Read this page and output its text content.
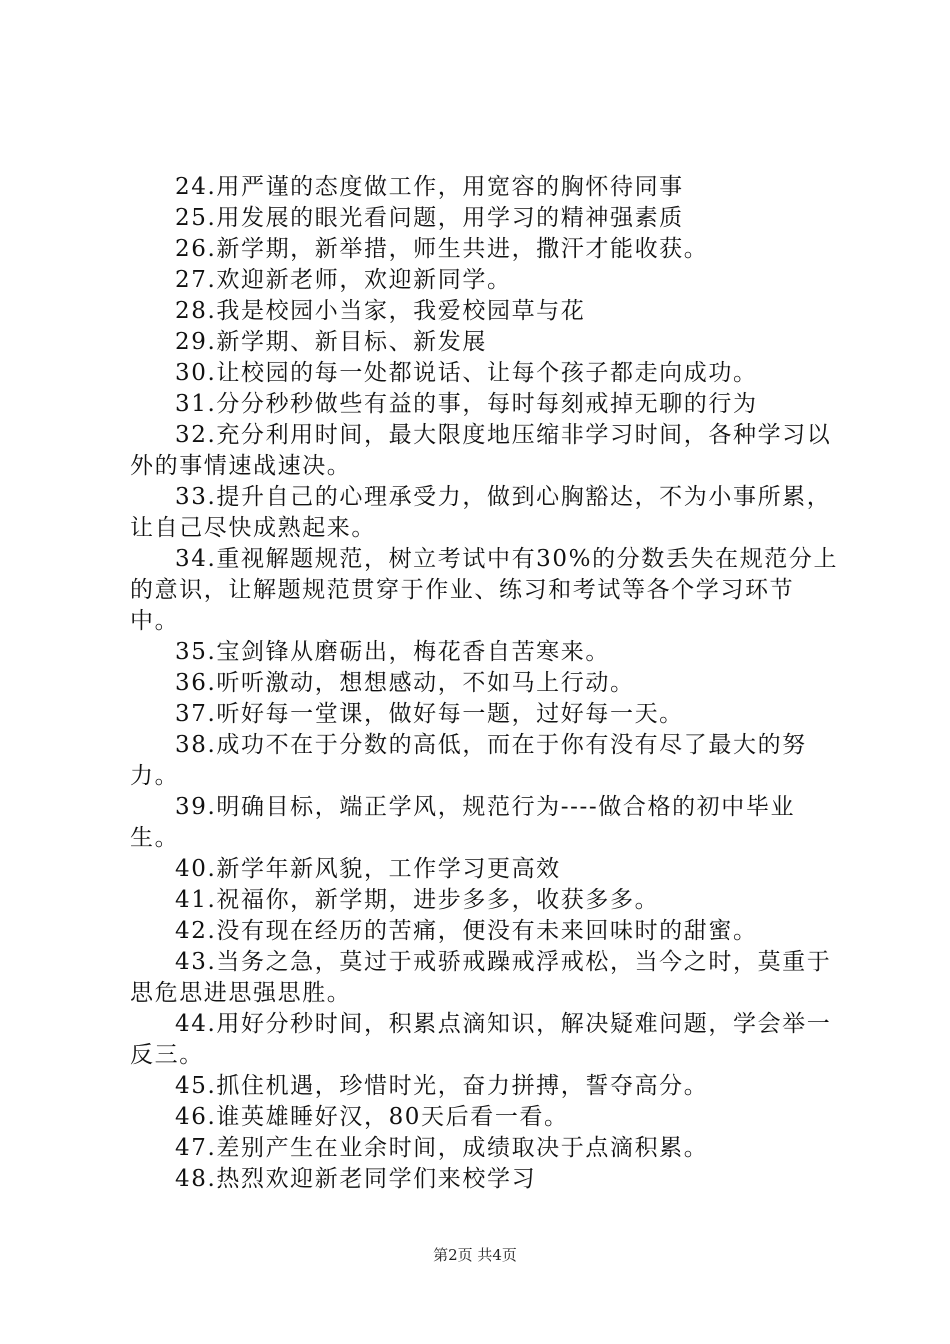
24.用严谨的态度做工作，用宽容的胸怀待同事

25.用发展的眼光看问题，用学习的精神强素质

26.新学期，新举措，师生共进，撒汗才能收获。

27.欢迎新老师，欢迎新同学。

28.我是校园小当家，我爱校园草与花

29.新学期、新目标、新发展

30.让校园的每一处都说话、让每个孩子都走向成功。

31.分分秒秒做些有益的事，每时每刻戒掉无聊的行为

32.充分利用时间，最大限度地压缩非学习时间，各种学习以外的事情速战速决。

33.提升自己的心理承受力，做到心胸豁达，不为小事所累，让自己尽快成熟起来。

34.重视解题规范，树立考试中有30%的分数丢失在规范分上的意识，让解题规范贯穿于作业、练习和考试等各个学习环节中。

35.宝剑锋从磨砺出，梅花香自苦寒来。

36.听听激动，想想感动，不如马上行动。

37.听好每一堂课，做好每一题，过好每一天。

38.成功不在于分数的高低，而在于你有没有尽了最大的努力。

39.明确目标，端正学风，规范行为----做合格的初中毕业生。

40.新学年新风貌，工作学习更高效

41.祝福你，新学期，进步多多，收获多多。

42.没有现在经历的苦痛，便没有未来回味时的甜蜜。

43.当务之急，莫过于戒骄戒躁戒浮戒松，当今之时，莫重于思危思进思强思胜。

44.用好分秒时间，积累点滴知识，解决疑难问题，学会举一反三。

45.抓住机遇，珍惜时光，奋力拼搏，誓夺高分。

46.谁英雄睡好汉，80天后看一看。

47.差别产生在业余时间，成绩取决于点滴积累。

48.热烈欢迎新老同学们来校学习

第2页 共4页
